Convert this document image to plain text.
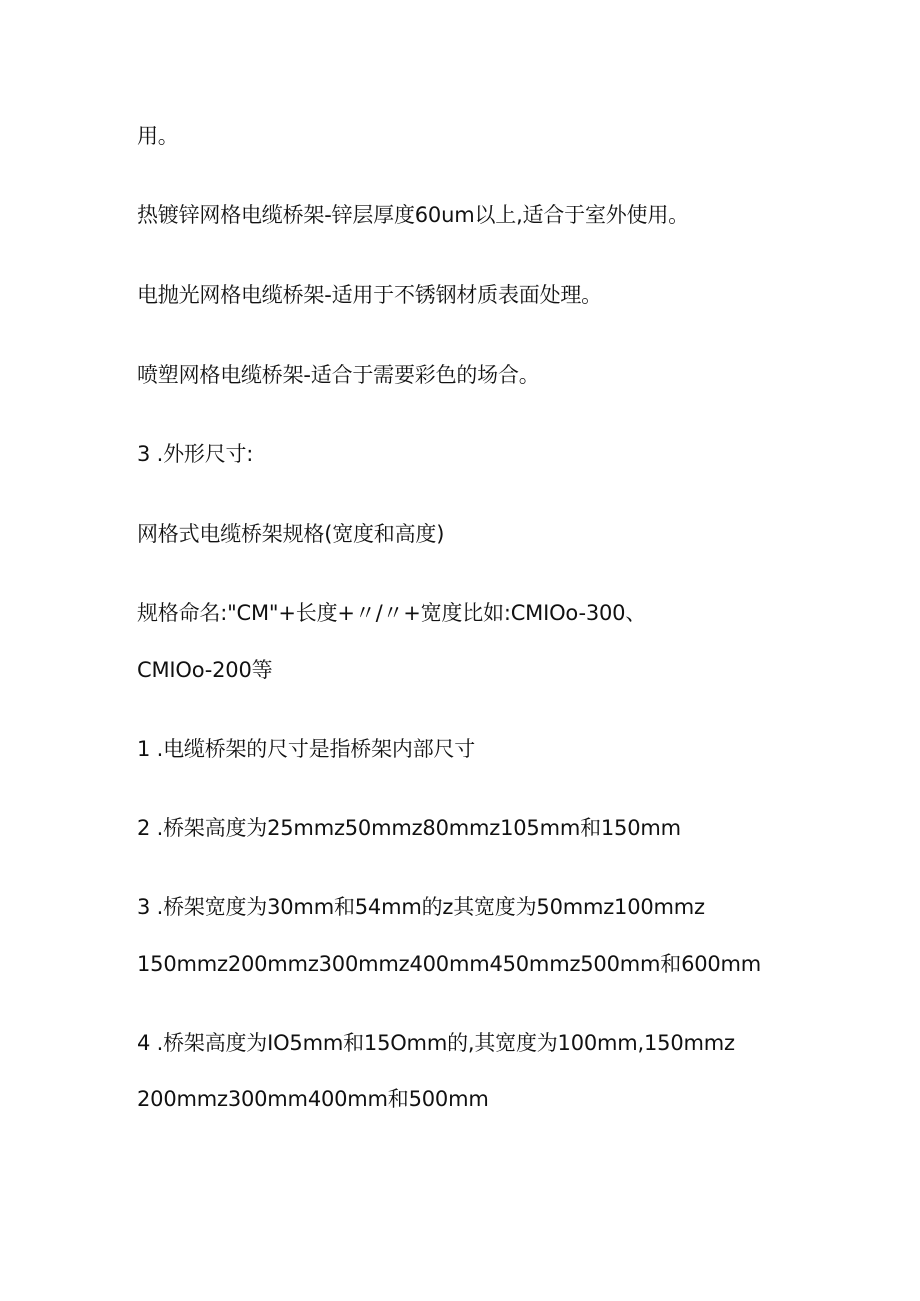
用。
热镀锌网格电缆桥架-锌层厚度60um以上,适合于室外使用。
电抛光网格电缆桥架-适用于不锈钢材质表面处理。
喷塑网格电缆桥架-适合于需要彩色的场合。
3 .外形尺寸:
网格式电缆桥架规格(宽度和高度)
规格命名:"CM"+长度+〃/〃+宽度比如:CMIOo-300、
CMIOo-200等
1 .电缆桥架的尺寸是指桥架内部尺寸
2 .桥架高度为25mmz50mmz80mmz105mm和150mm
3 .桥架宽度为30mm和54mm的z其宽度为50mmz100mmz
150mmz200mmz300mmz400mm450mmz500mm和600mm
4 .桥架高度为IO5mm和15Omm的,其宽度为100mm,150mmz
200mmz300mm400mm和500mm
